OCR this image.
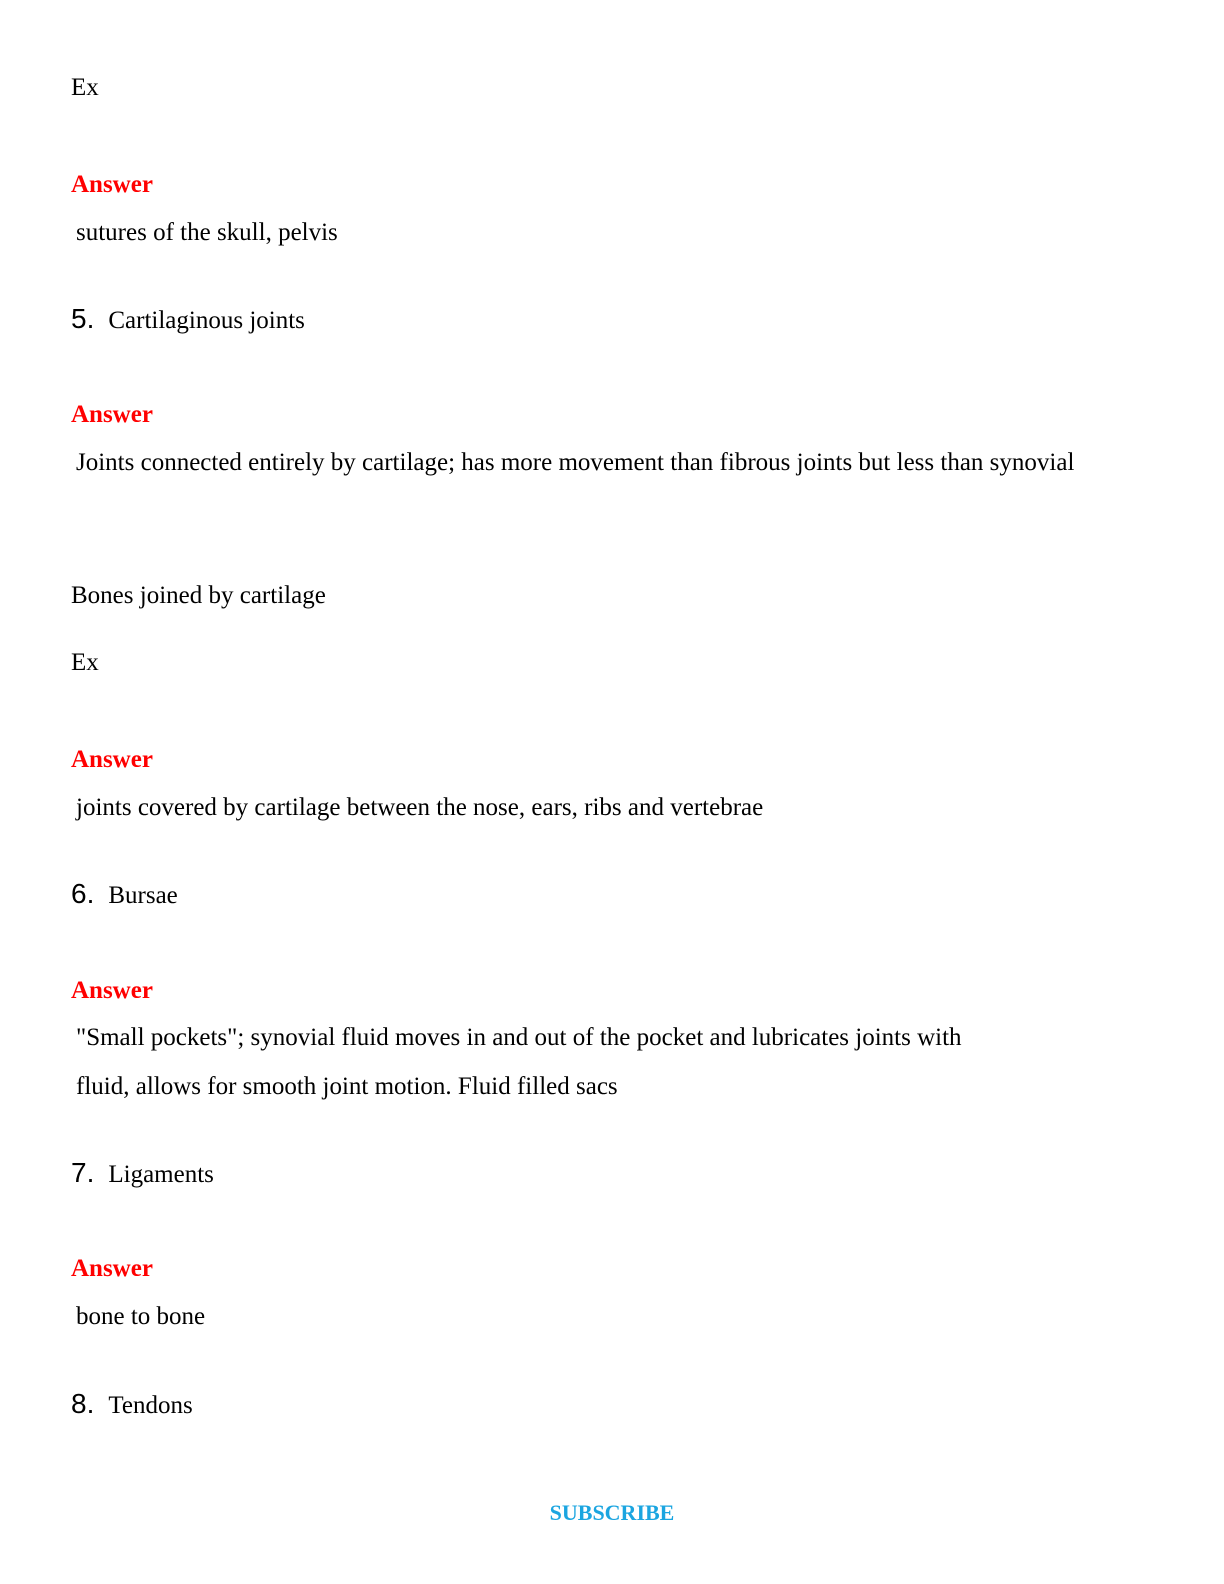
Ex
Answer
sutures of the skull, pelvis
5. Cartilaginous joints
Answer
Joints connected entirely by cartilage; has more movement than fibrous joints but less than synovial
Bones joined by cartilage
Ex
Answer
joints covered by cartilage between the nose, ears, ribs and vertebrae
6. Bursae
Answer
"Small pockets"; synovial fluid moves in and out of the pocket and lubricates joints with fluid, allows for smooth joint motion. Fluid filled sacs
7. Ligaments
Answer
bone to bone
8. Tendons
SUBSCRIBE
